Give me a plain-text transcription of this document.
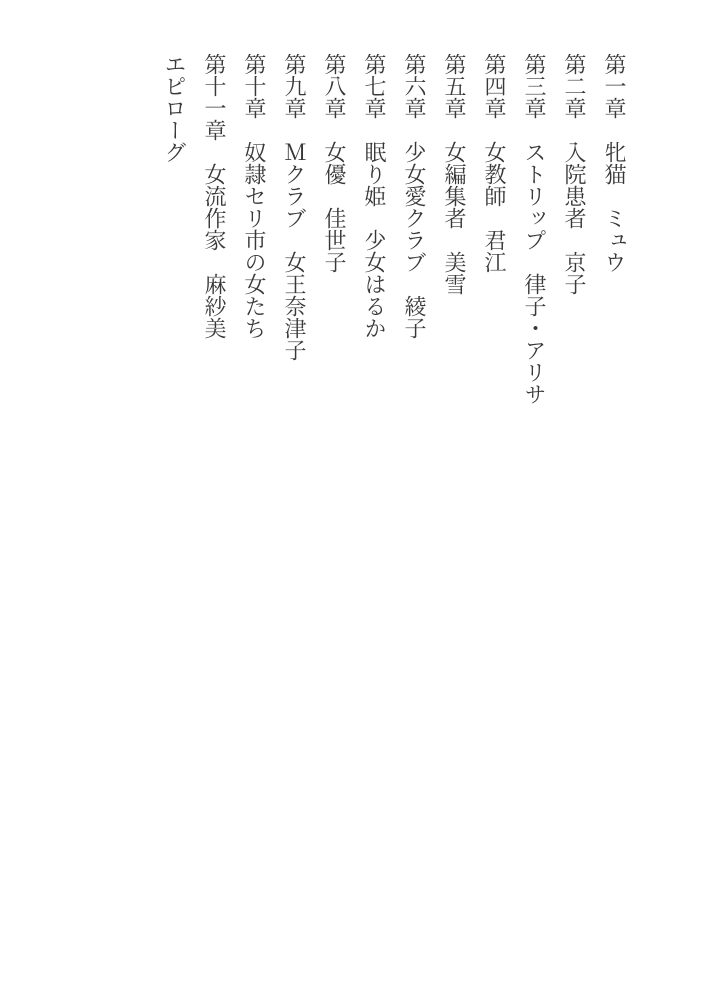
第一章　牝猫　ミュウ
第二章　入院患者　京子
第三章　ストリップ　律子・アリサ
第四章　女教師　君江
第五章　女編集者　美雪
第六章　少女愛クラブ　綾子
第七章　眠り姫　少女はるか
第八章　女優　佳世子
第九章　Ｍクラブ　女王奈津子
第十章　奴隷セリ市の女たち
第十一章　女流作家　麻紗美
エピローグ
